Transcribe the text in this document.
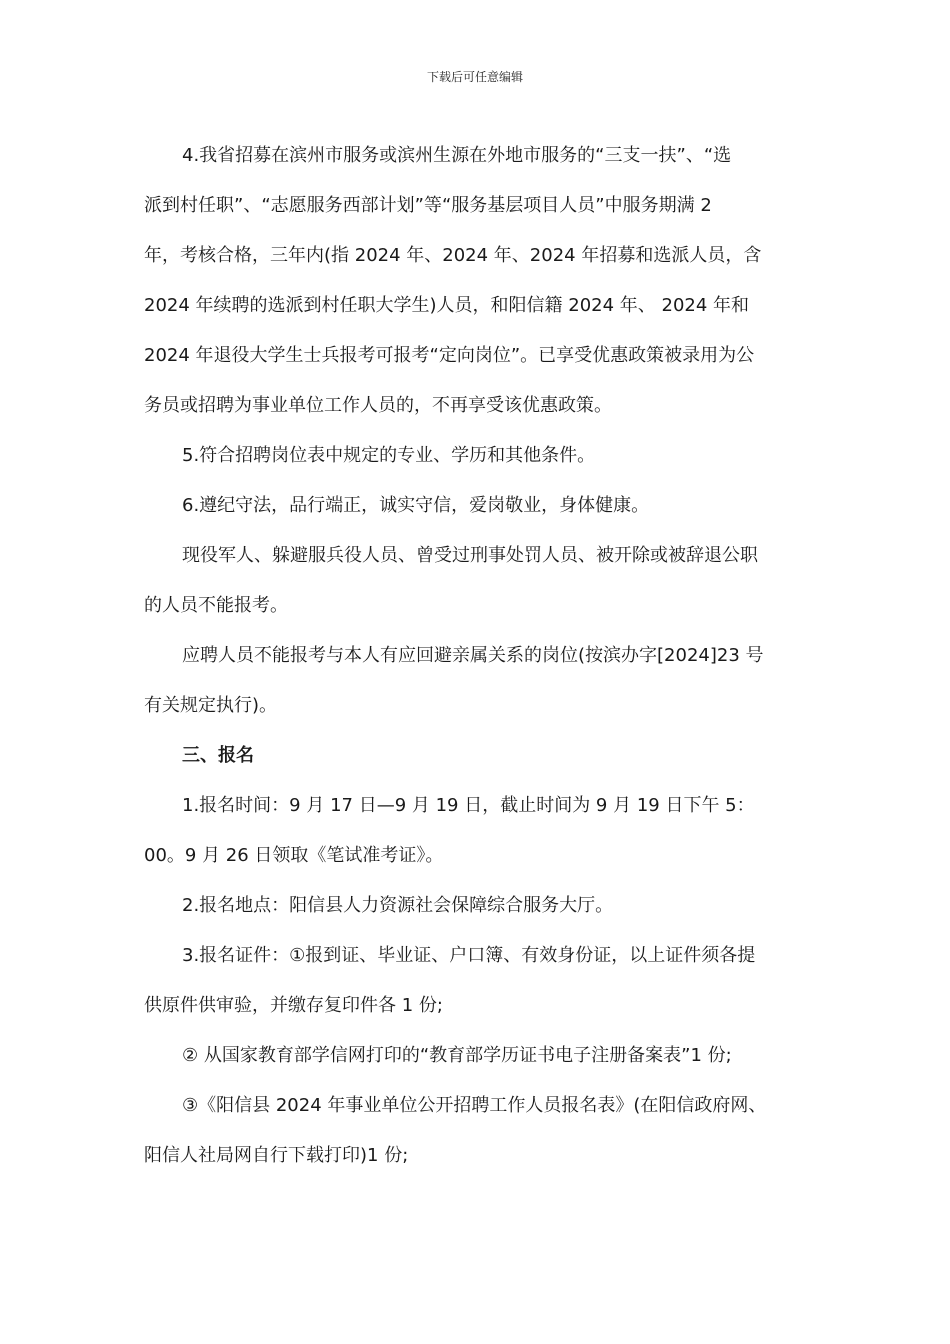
下载后可任意编辑
4.我省招募在滨州市服务或滨州生源在外地市服务的“三支一扶”、“选
派到村任职”、“志愿服务西部计划”等“服务基层项目人员”中服务期满 2
年，考核合格，三年内(指 2024 年、2024 年、2024 年招募和选派人员，含
2024 年续聘的选派到村任职大学生)人员，和阳信籍 2024 年、 2024 年和
2024 年退役大学生士兵报考可报考“定向岗位”。已享受优惠政策被录用为公
务员或招聘为事业单位工作人员的，不再享受该优惠政策。
5.符合招聘岗位表中规定的专业、学历和其他条件。
6.遵纪守法，品行端正，诚实守信，爱岗敬业，身体健康。
现役军人、躲避服兵役人员、曾受过刑事处罚人员、被开除或被辞退公职
的人员不能报考。
应聘人员不能报考与本人有应回避亲属关系的岗位(按滨办字[2024]23 号
有关规定执行)。
三、报名
1.报名时间：9 月 17 日—9 月 19 日，截止时间为 9 月 19 日下午 5：
00。9 月 26 日领取《笔试准考证》。
2.报名地点：阳信县人力资源社会保障综合服务大厅。
3.报名证件：①报到证、毕业证、户口簿、有效身份证，以上证件须各提
供原件供审验，并缴存复印件各 1 份;
② 从国家教育部学信网打印的“教育部学历证书电子注册备案表”1 份;
③《阳信县 2024 年事业单位公开招聘工作人员报名表》(在阳信政府网、
阳信人社局网自行下载打印)1 份;
